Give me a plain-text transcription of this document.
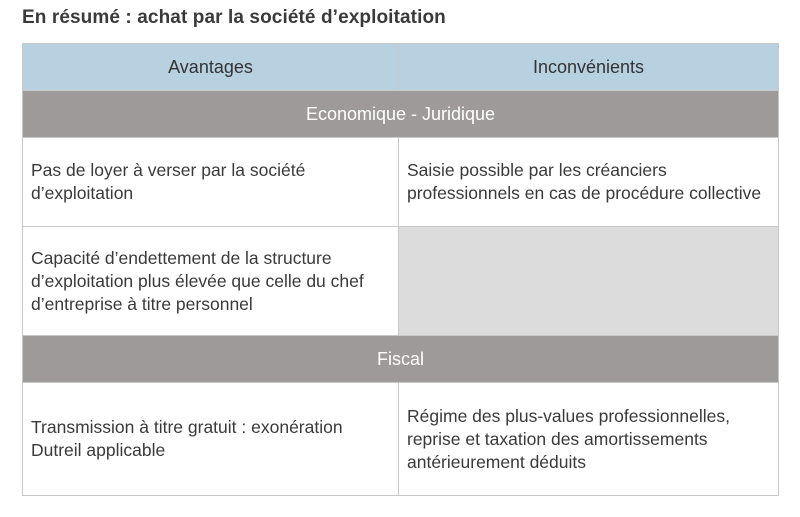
En résumé : achat par la société d’exploitation
Avantages	Inconvénients
Economique - Juridique	
Pas de loyer à verser par la société d’exploitation	Saisie possible par les créanciers professionnels en cas de procédure collective
Capacité d’endettement de la structure d’exploitation plus élevée que celle du chef d’entreprise à titre personnel	
Fiscal	
Transmission à titre gratuit : exonération Dutreil applicable	Régime des plus-values professionnelles, reprise et taxation des amortissements antérieurement déduits
